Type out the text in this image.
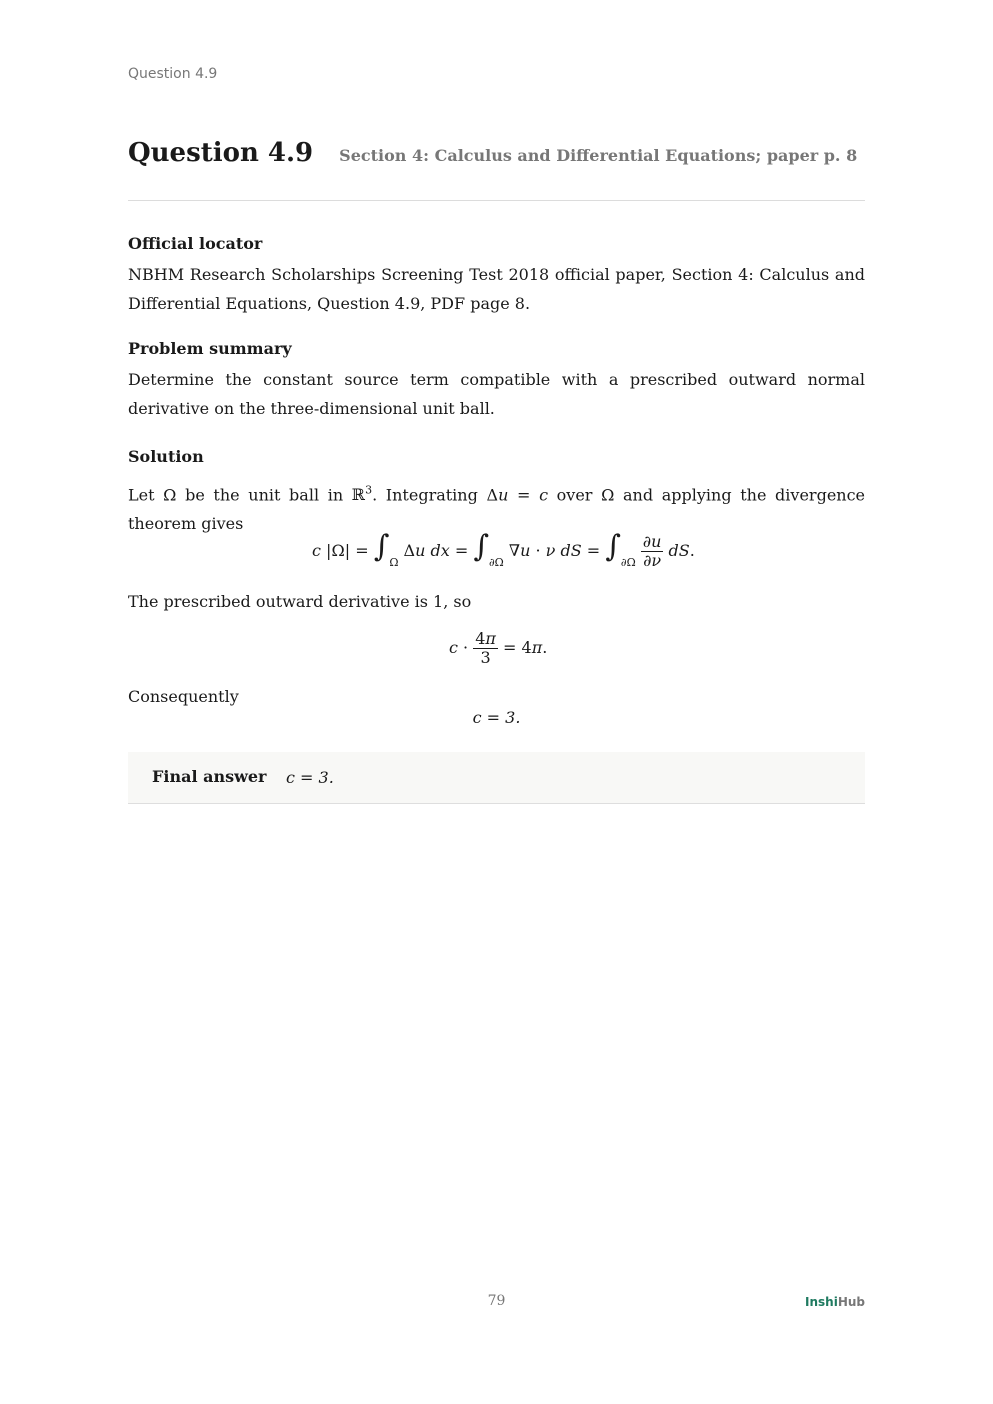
Question 4.9
Question 4.9 Section 4: Calculus and Differential Equations; paper p. 8
Official locator
NBHM Research Scholarships Screening Test 2018 official paper, Section 4: Calculus and Differential Equations, Question 4.9, PDF page 8.
Problem summary
Determine the constant source term compatible with a prescribed outward normal derivative on the three-dimensional unit ball.
Solution
Let Ω be the unit ball in ℝ$^3$. Integrating Δu = c over Ω and applying the divergence theorem gives
c $|\Omega| = \int_\Omega$ Δu dx = $\int_{\partial\Omega}$ ∇u · ν dS = $\int_{\partial\Omega} \frac{\partial u}{\partial\nu}$ dS.
The prescribed outward derivative is 1, so
$c \cdot \frac{4\pi}{3} = 4\pi$.
Consequently
c = 3.
Final answer c = 3.
79	InshiHub
